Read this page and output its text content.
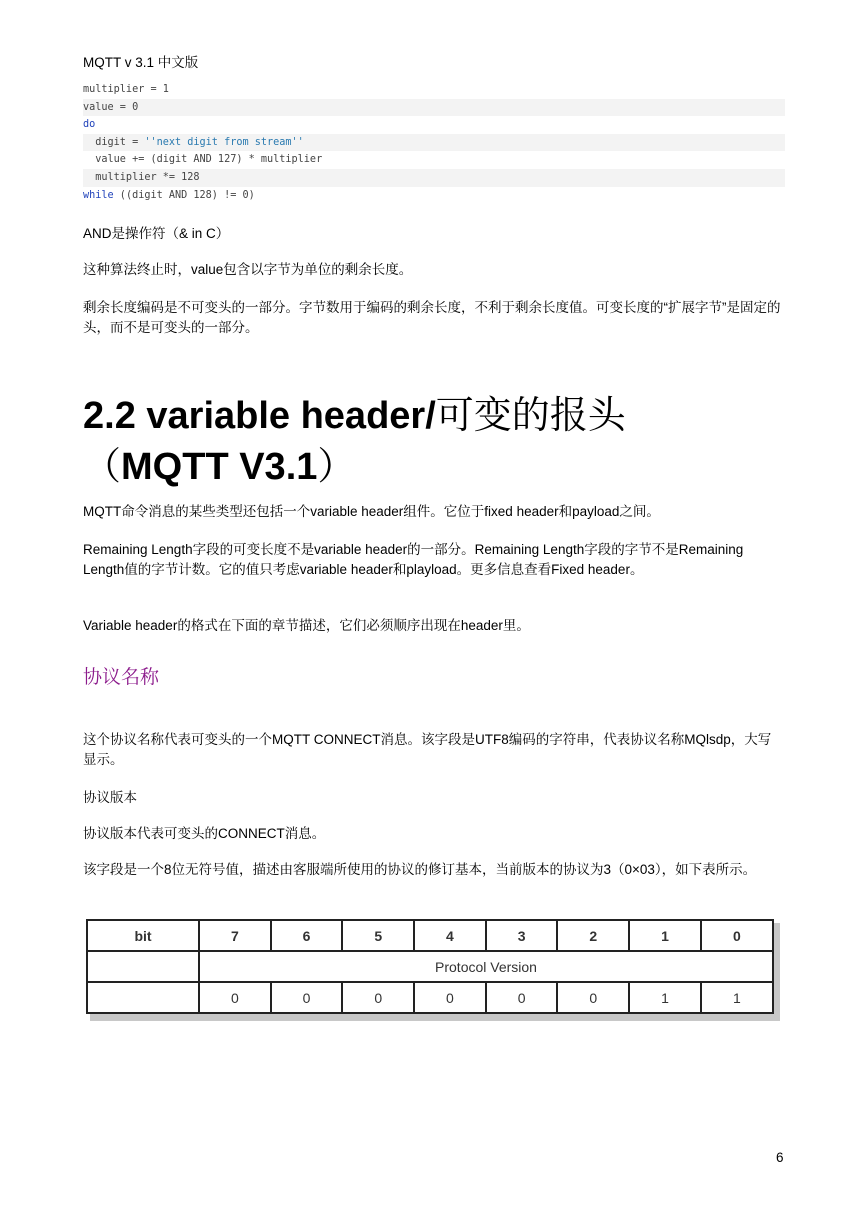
MQTT v 3.1 中文版
multiplier = 1
value = 0
do
digit = ''next digit from stream''
value += (digit AND 127) * multiplier
multiplier *= 128
while ((digit AND 128) != 0)
AND是操作符（& in C）
这种算法终止时，value包含以字节为单位的剩余长度。
剩余长度编码是不可变头的一部分。字节数用于编码的剩余长度，不利于剩余长度值。可变长度的“扩展字节”是固定的头，而不是可变头的一部分。
2.2 variable header/可变的报头
（MQTT V3.1）
MQTT命令消息的某些类型还包括一个variable header组件。它位于fixed header和payload之间。
Remaining Length字段的可变长度不是variable header的一部分。Remaining Length字段的字节不是Remaining Length值的字节计数。它的值只考虑variable header和playload。更多信息查看Fixed header。
Variable header的格式在下面的章节描述，它们必须顺序出现在header里。
协议名称
这个协议名称代表可变头的一个MQTT CONNECT消息。该字段是UTF8编码的字符串，代表协议名称MQlsdp，大写显示。
协议版本
协议版本代表可变头的CONNECT消息。
该字段是一个8位无符号值，描述由客服端所使用的协议的修订基本，当前版本的协议为3（0×03），如下表所示。
bit	7	6	5	4	3	2	1	0
	Protocol Version							
	0	0	0	0	0	0	1	1
6
